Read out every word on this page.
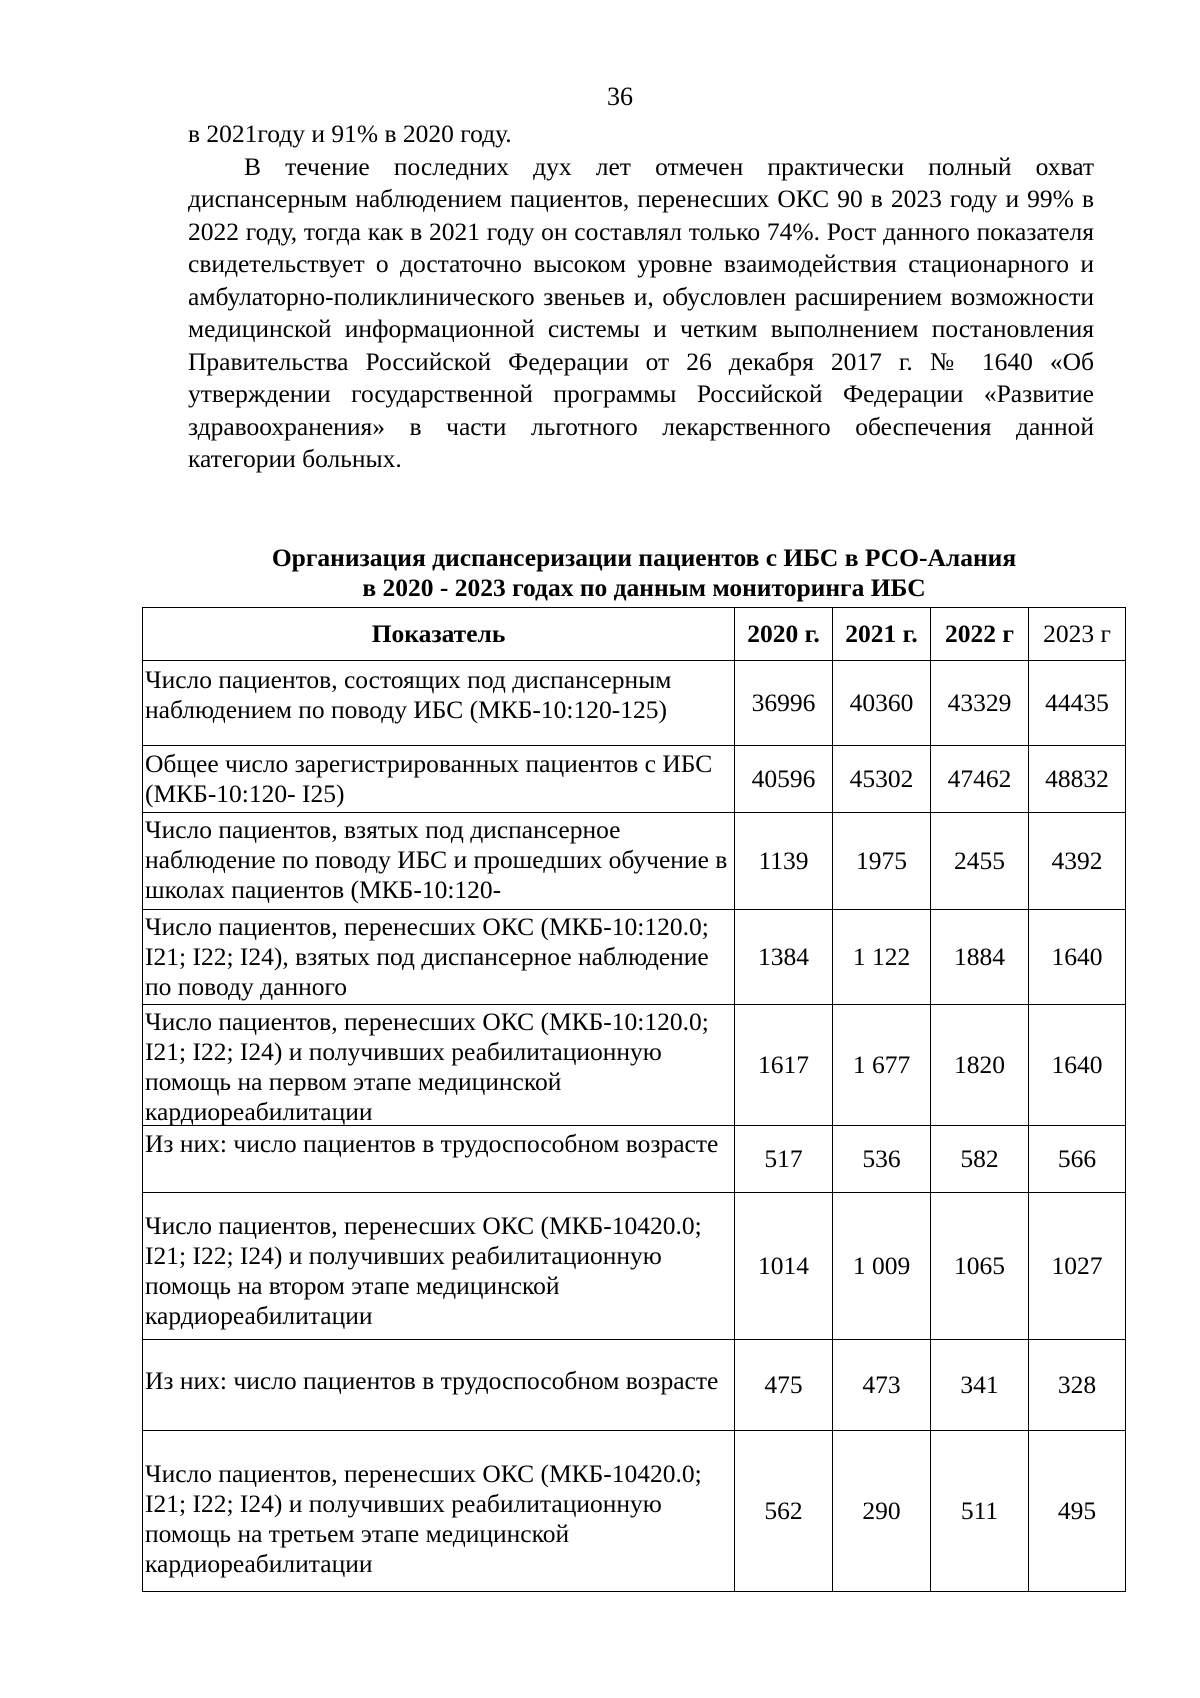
36

в 2021году и 91% в 2020 году.

В течение последних дух лет отмечен практически полный охват диспансерным наблюдением пациентов, перенесших ОКС 90 в 2023 году и 99% в 2022 году, тогда как в 2021 году он составлял только 74%. Рост данного показателя свидетельствует о достаточно высоком уровне взаимодействия стационарного и амбулаторно-поликлинического звеньев и, обусловлен расширением возможности медицинской информационной системы и четким выполнением постановления Правительства Российской Федерации от 26 декабря 2017 г. № 1640 «Об утверждении государственной программы Российской Федерации «Развитие здравоохранения» в части льготного лекарственного обеспечения данной категории больных.

Организация диспансеризации пациентов с ИБС в РСО-Алания
в 2020 - 2023 годах по данным мониторинга ИБС
Показатель	2020 г.	2021 г.	2022 г	2023 г

Число пациентов, состоящих под диспансерным наблюдением по поводу ИБС (МКБ-10:120-125)	36996	40360	43329	44435

Общее число зарегистрированных пациентов с ИБС (МКБ-10:120- I25)	40596	45302	47462	48832

Число пациентов, взятых под диспансерное наблюдение по поводу ИБС и прошедших обучение в школах пациентов (МКБ-10:120-	1139	1975	2455	4392

Число пациентов, перенесших ОКС (МКБ-10:120.0; I21; I22; I24), взятых под диспансерное наблюдение по поводу данного	1384	1 122	1884	1640

Число пациентов, перенесших ОКС (МКБ-10:120.0; I21; I22; I24) и получивших реабилитационную помощь на первом этапе медицинской кардиореабилитации	1617	1 677	1820	1640

Из них: число пациентов в трудоспособном возрасте	517	536	582	566

Число пациентов, перенесших ОКС (МКБ-10420.0; I21; I22; I24) и получивших реабилитационную помощь на втором этапе медицинской кардиореабилитации	1014	1 009	1065	1027

Из них: число пациентов в трудоспособном возрасте	475	473	341	328

Число пациентов, перенесших ОКС (МКБ-10420.0; I21; I22; I24) и получивших реабилитационную помощь на третьем этапе медицинской кардиореабилитации	562	290	511	495
